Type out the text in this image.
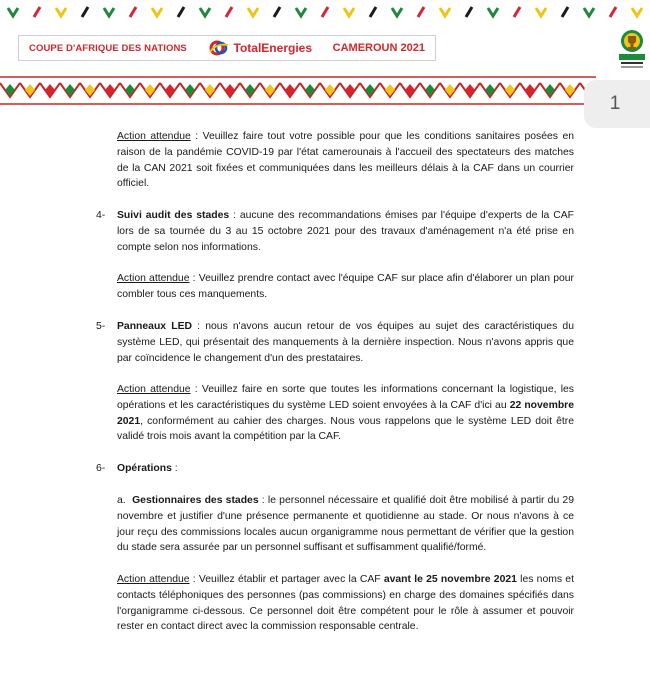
COUPE D'AFRIQUE DES NATIONS	TotalEnergies CAMEROUN 2021
1

Action attendue : Veuillez faire tout votre possible pour que les conditions sanitaires posées en raison de la pandémie COVID-19 par l'état camerounais à l'accueil des spectateurs des matches de la CAN 2021 soit fixées et communiquées dans les meilleurs délais à la CAF dans un courrier officiel.

4- Suivi audit des stades : aucune des recommandations émises par l'équipe d'experts de la CAF lors de sa tournée du 3 au 15 octobre 2021 pour des travaux d'aménagement n'a été prise en compte selon nos informations.

Action attendue : Veuillez prendre contact avec l'équipe CAF sur place afin d'élaborer un plan pour combler tous ces manquements.

5- Panneaux LED : nous n'avons aucun retour de vos équipes au sujet des caractéristiques du système LED, qui présentait des manquements à la dernière inspection. Nous n'avons appris que par coïncidence le changement d'un des prestataires.

Action attendue : Veuillez faire en sorte que toutes les informations concernant la logistique, les opérations et les caractéristiques du système LED soient envoyées à la CAF d'ici au 22 novembre 2021, conformément au cahier des charges. Nous vous rappelons que le système LED doit être validé trois mois avant la compétition par la CAF.

6- Opérations :

a. Gestionnaires des stades : le personnel nécessaire et qualifié doit être mobilisé à partir du 29 novembre et justifier d'une présence permanente et quotidienne au stade. Or nous n'avons à ce jour reçu des commissions locales aucun organigramme nous permettant de vérifier que la gestion du stade sera assurée par un personnel suffisant et suffisamment qualifié/formé.

Action attendue : Veuillez établir et partager avec la CAF avant le 25 novembre 2021 les noms et contacts téléphoniques des personnes (pas commissions) en charge des domaines spécifiés dans l'organigramme ci-dessous. Ce personnel doit être compétent pour le rôle à assumer et pouvoir rester en contact direct avec la commission responsable centrale.
